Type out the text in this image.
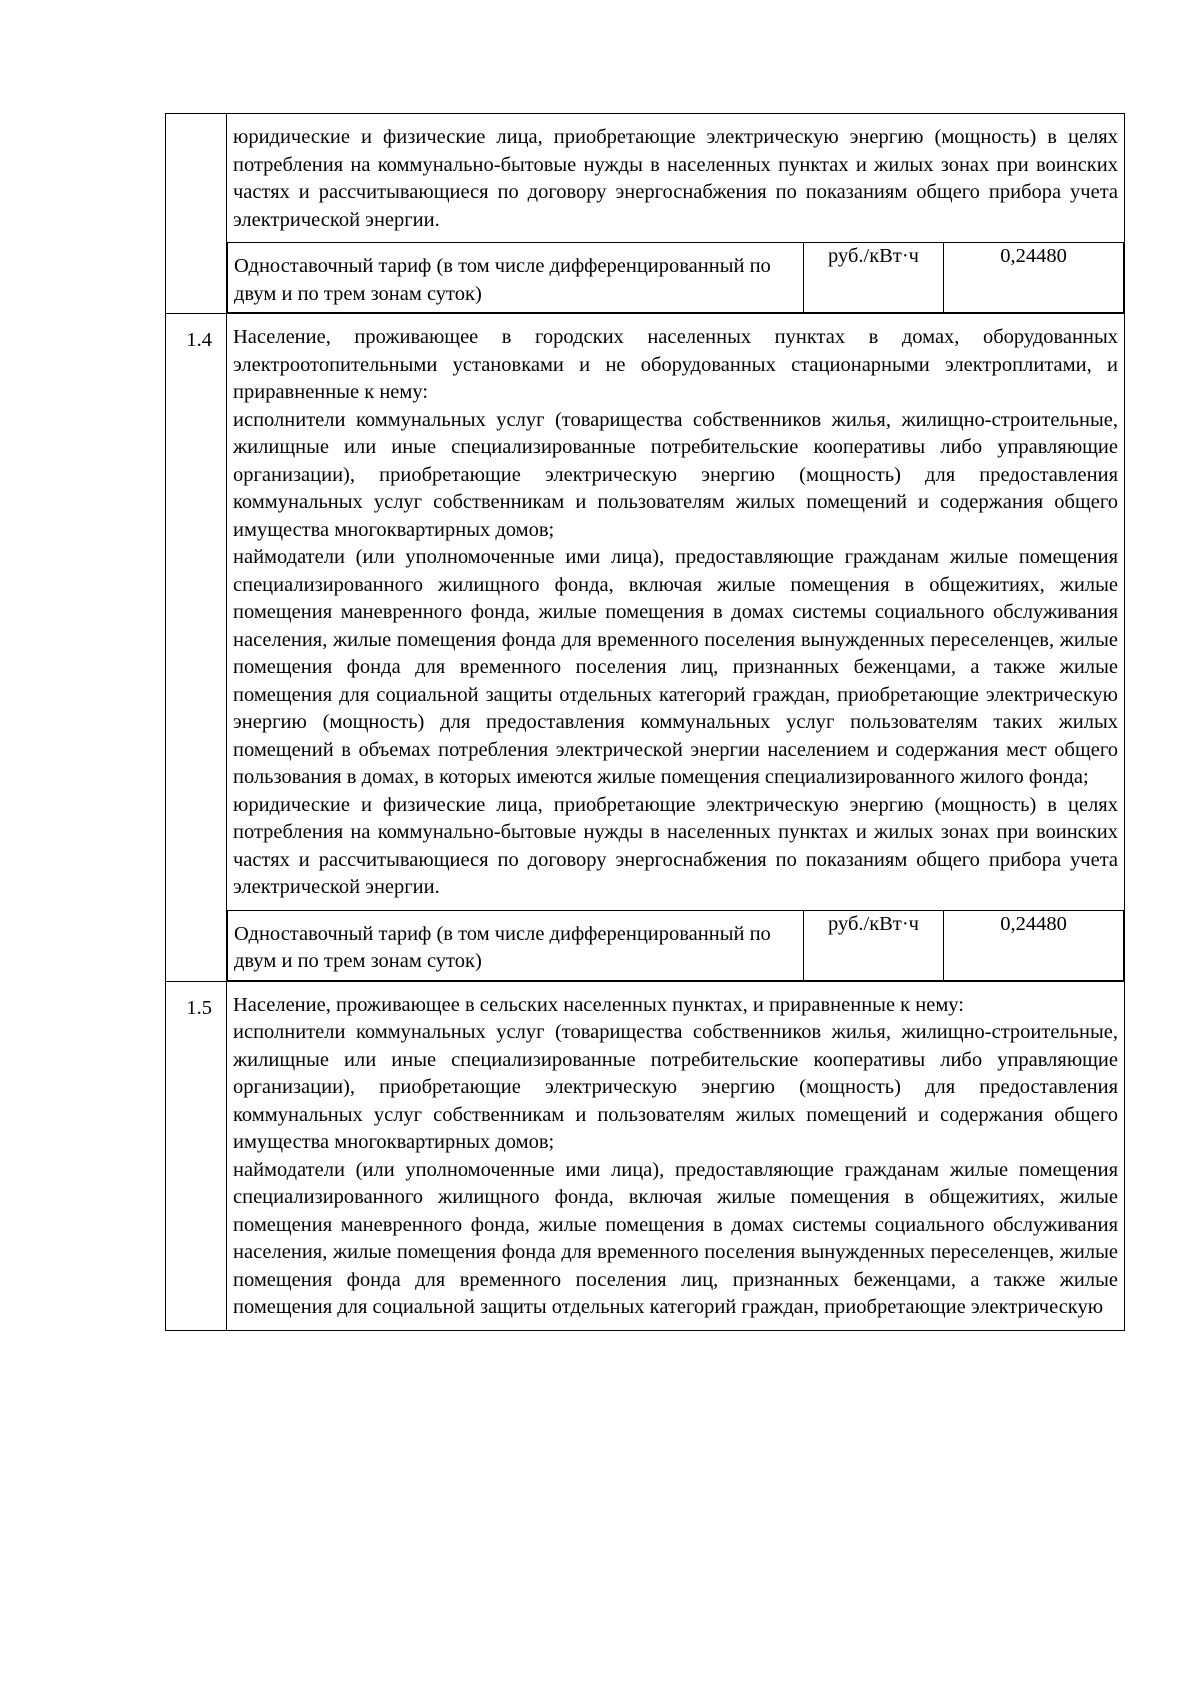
юридические и физические лица, приобретающие электрическую энергию (мощность) в целях потребления на коммунально-бытовые нужды в населенных пунктах и жилых зонах при воинских частях и рассчитывающиеся по договору энергоснабжения по показаниям общего прибора учета электрической энергии.

Одноставочный тариф (в том числе дифференцированный по двум и по трем зонам суток)	руб./кВт·ч	0,24480

1.4	Население, проживающее в городских населенных пунктах в домах, оборудованных электроотопительными установками и не оборудованных стационарными электроплитами, и приравненные к нему:

исполнители коммунальных услуг (товарищества собственников жилья, жилищно-строительные, жилищные или иные специализированные потребительские кооперативы либо управляющие организации), приобретающие электрическую энергию (мощность) для предоставления коммунальных услуг собственникам и пользователям жилых помещений и содержания общего имущества многоквартирных домов;

наймодатели (или уполномоченные ими лица), предоставляющие гражданам жилые помещения специализированного жилищного фонда, включая жилые помещения в общежитиях, жилые помещения маневренного фонда, жилые помещения в домах системы социального обслуживания населения, жилые помещения фонда для временного поселения вынужденных переселенцев, жилые помещения фонда для временного поселения лиц, признанных беженцами, а также жилые помещения для социальной защиты отдельных категорий граждан, приобретающие электрическую энергию (мощность) для предоставления коммунальных услуг пользователям таких жилых помещений в объемах потребления электрической энергии населением и содержания мест общего пользования в домах, в которых имеются жилые помещения специализированного жилого фонда;

юридические и физические лица, приобретающие электрическую энергию (мощность) в целях потребления на коммунально-бытовые нужды в населенных пунктах и жилых зонах при воинских частях и рассчитывающиеся по договору энергоснабжения по показаниям общего прибора учета электрической энергии.

Одноставочный тариф (в том числе дифференцированный по двум и по трем зонам суток)	руб./кВт·ч	0,24480

1.5	Население, проживающее в сельских населенных пунктах, и приравненные к нему:

исполнители коммунальных услуг (товарищества собственников жилья, жилищно-строительные, жилищные или иные специализированные потребительские кооперативы либо управляющие организации), приобретающие электрическую энергию (мощность) для предоставления коммунальных услуг собственникам и пользователям жилых помещений и содержания общего имущества многоквартирных домов;

наймодатели (или уполномоченные ими лица), предоставляющие гражданам жилые помещения специализированного жилищного фонда, включая жилые помещения в общежитиях, жилые помещения маневренного фонда, жилые помещения в домах системы социального обслуживания населения, жилые помещения фонда для временного поселения вынужденных переселенцев, жилые помещения фонда для временного поселения лиц, признанных беженцами, а также жилые помещения для социальной защиты отдельных категорий граждан, приобретающие электрическую
